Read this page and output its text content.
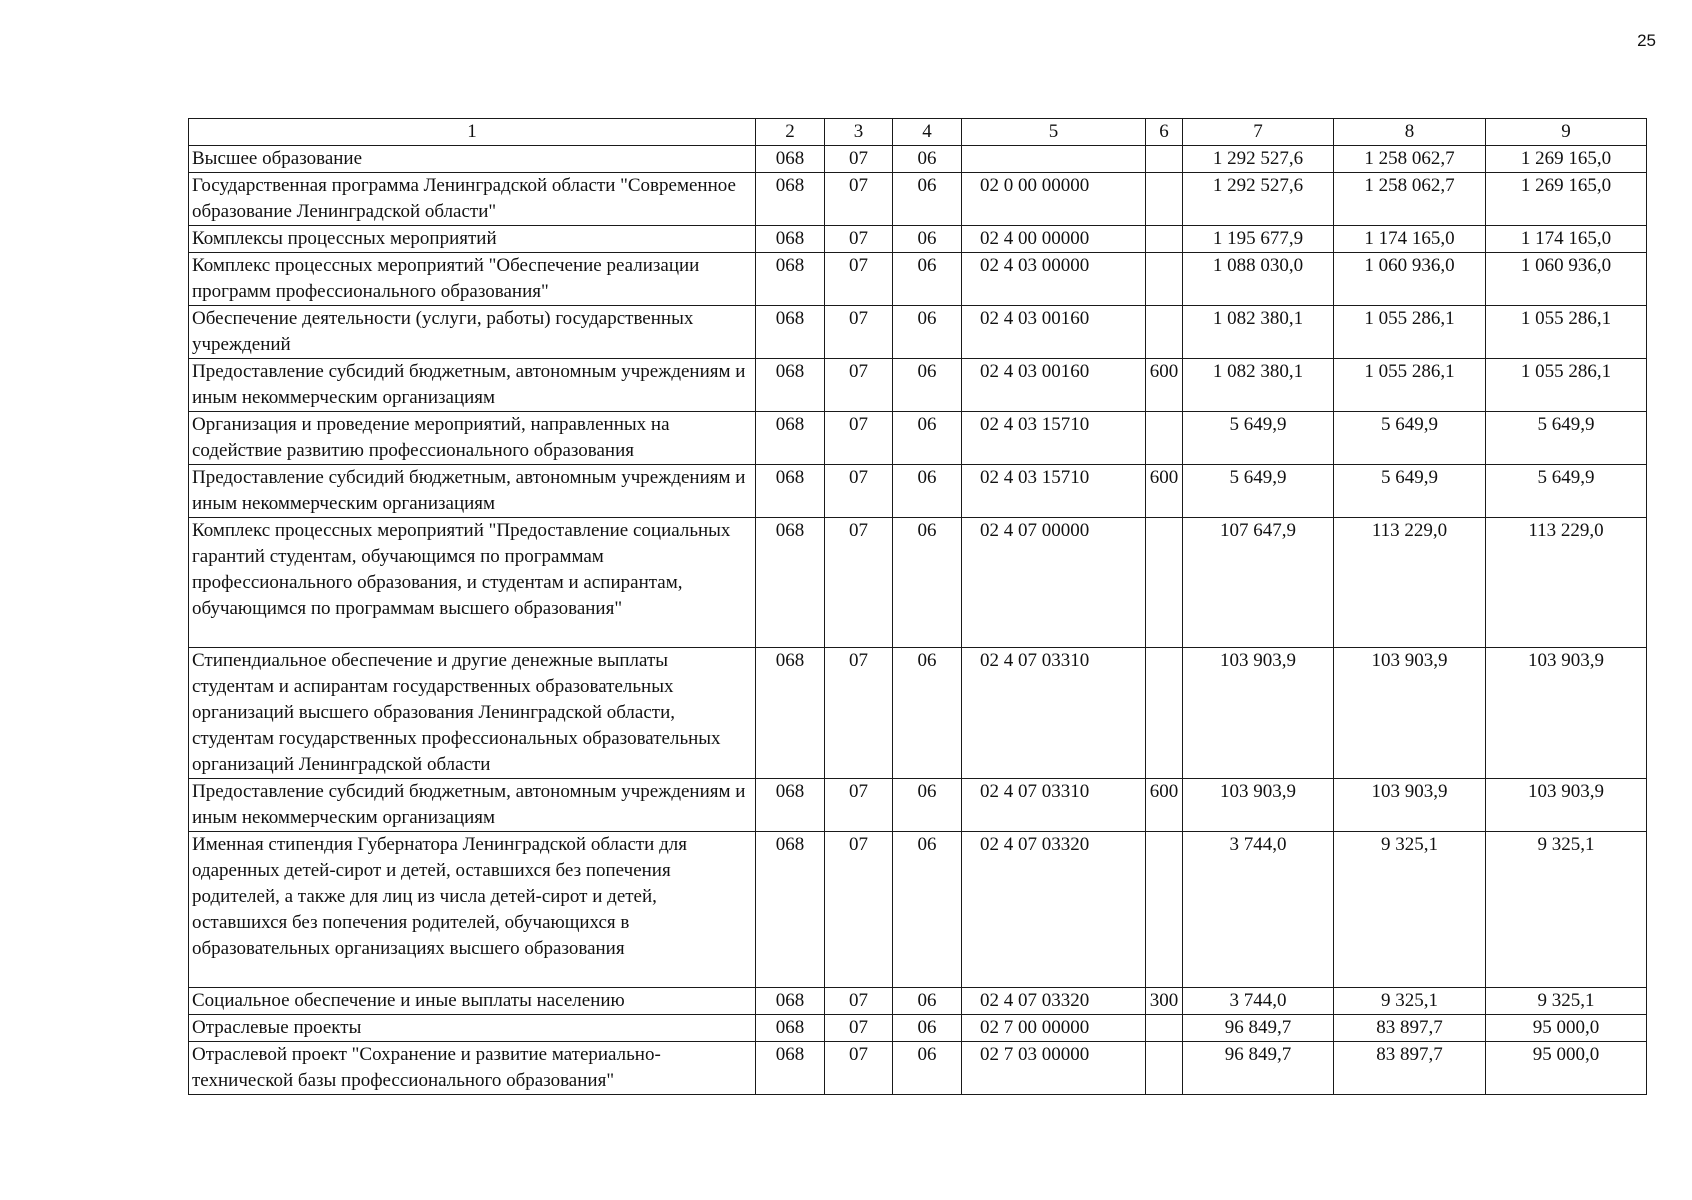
25
1	2	3	4	5	6	7	8	9
Высшее образование	068	07	06			1 292 527,6	1 258 062,7	1 269 165,0
Государственная программа Ленинградской области "Современное образование Ленинградской области"	068	07	06	02 0 00 00000		1 292 527,6	1 258 062,7	1 269 165,0
Комплексы процессных мероприятий	068	07	06	02 4 00 00000		1 195 677,9	1 174 165,0	1 174 165,0
Комплекс процессных мероприятий "Обеспечение реализации программ профессионального образования"	068	07	06	02 4 03 00000		1 088 030,0	1 060 936,0	1 060 936,0
Обеспечение деятельности (услуги, работы) государственных учреждений	068	07	06	02 4 03 00160		1 082 380,1	1 055 286,1	1 055 286,1
Предоставление субсидий бюджетным, автономным учреждениям и иным некоммерческим организациям	068	07	06	02 4 03 00160	600	1 082 380,1	1 055 286,1	1 055 286,1
Организация и проведение мероприятий, направленных на содействие развитию профессионального образования	068	07	06	02 4 03 15710		5 649,9	5 649,9	5 649,9
Предоставление субсидий бюджетным, автономным учреждениям и иным некоммерческим организациям	068	07	06	02 4 03 15710	600	5 649,9	5 649,9	5 649,9
Комплекс процессных мероприятий "Предоставление социальных гарантий студентам, обучающимся по программам профессионального образования, и студентам и аспирантам, обучающимся по программам высшего образования"	068	07	06	02 4 07 00000		107 647,9	113 229,0	113 229,0
Стипендиальное обеспечение и другие денежные выплаты студентам и аспирантам государственных образовательных организаций высшего образования Ленинградской области, студентам государственных профессиональных образовательных организаций Ленинградской области	068	07	06	02 4 07 03310		103 903,9	103 903,9	103 903,9
Предоставление субсидий бюджетным, автономным учреждениям и иным некоммерческим организациям	068	07	06	02 4 07 03310	600	103 903,9	103 903,9	103 903,9
Именная стипендия Губернатора Ленинградской области для одаренных детей-сирот и детей, оставшихся без попечения родителей, а также для лиц из числа детей-сирот и детей, оставшихся без попечения родителей, обучающихся в образовательных организациях высшего образования	068	07	06	02 4 07 03320		3 744,0	9 325,1	9 325,1
Социальное обеспечение и иные выплаты населению	068	07	06	02 4 07 03320	300	3 744,0	9 325,1	9 325,1
Отраслевые проекты	068	07	06	02 7 00 00000		96 849,7	83 897,7	95 000,0
Отраслевой проект "Сохранение и развитие материально-технической базы профессионального образования"	068	07	06	02 7 03 00000		96 849,7	83 897,7	95 000,0
